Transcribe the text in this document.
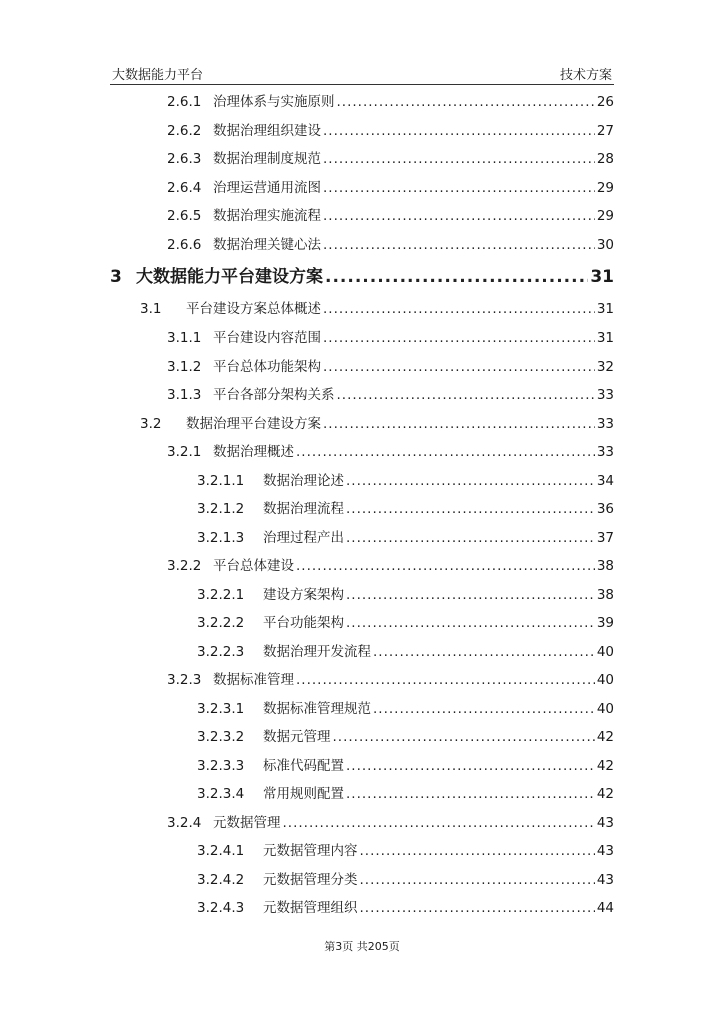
大数据能力平台	技术方案
2.6.1 治理体系与实施原则 .....	26
2.6.2 数据治理组织建设 .....	27
2.6.3 数据治理制度规范 .....	28
2.6.4 治理运营通用流图 .....	29
2.6.5 数据治理实施流程 .....	29
2.6.6 数据治理关键心法 .....	30
3 大数据能力平台建设方案 .....	31
3.1	平台建设方案总体概述 .....	31
3.1.1 平台建设内容范围 .....	31
3.1.2 平台总体功能架构 .....	32
3.1.3 平台各部分架构关系 .....	33
3.2	数据治理平台建设方案 .....	33
3.2.1 数据治理概述 .....	33
3.2.1.1	数据治理论述 .....	34
3.2.1.2	数据治理流程 .....	36
3.2.1.3	治理过程产出 .....	37
3.2.2 平台总体建设 .....	38
3.2.2.1	建设方案架构 .....	38
3.2.2.2	平台功能架构 .....	39
3.2.2.3	数据治理开发流程 .....	40
3.2.3 数据标准管理 .....	40
3.2.3.1	数据标准管理规范 .....	40
3.2.3.2	数据元管理 .....	42
3.2.3.3	标准代码配置 .....	42
3.2.3.4	常用规则配置 .....	42
3.2.4 元数据管理 .....	43
3.2.4.1	元数据管理内容 .....	43
3.2.4.2	元数据管理分类 .....	43
3.2.4.3	元数据管理组织 .....	44
第3页 共205页
